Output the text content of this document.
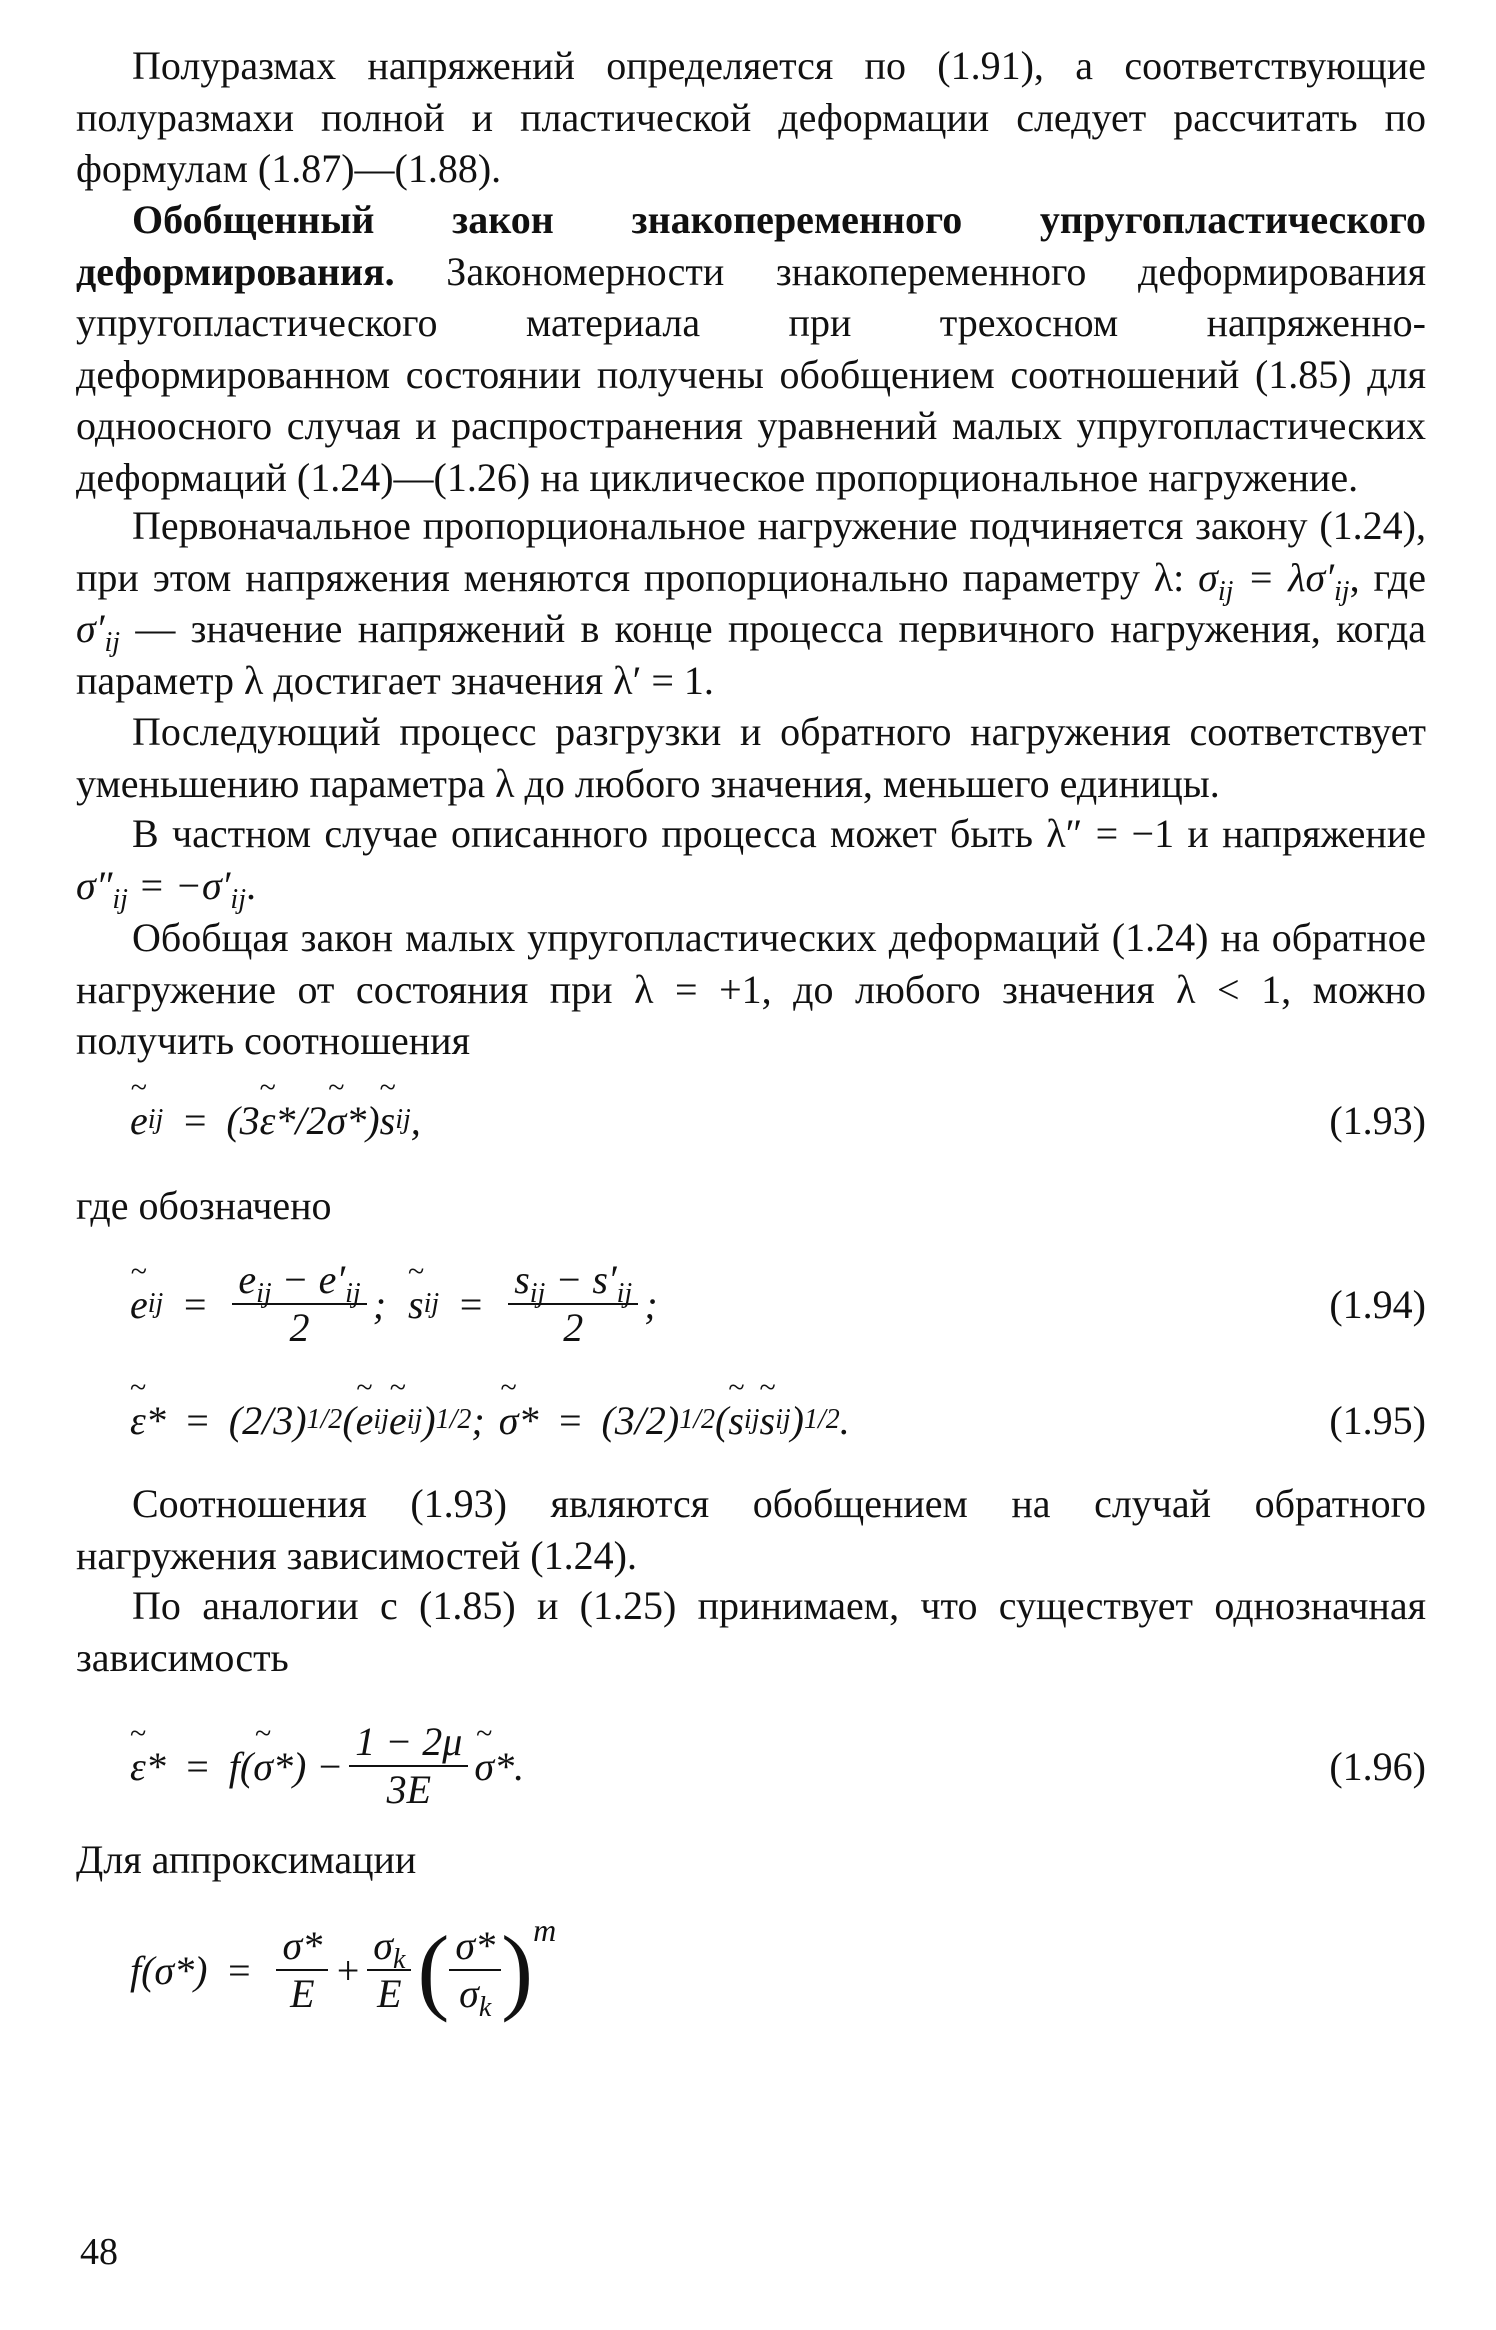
Полуразмах напряжений определяется по (1.91), а соответствующие полуразмахи полной и пластической деформации следует рассчитать по формулам (1.87)—(1.88).

Обобщенный закон знакопеременного упругопластического деформирования. Закономерности знакопеременного деформирования упругопластического материала при трехосном напряженно-деформированном состоянии получены обобщением соотношений (1.85) для одноосного случая и распространения уравнений малых упругопластических деформаций (1.24)—(1.26) на циклическое пропорциональное нагружение.

Первоначальное пропорциональное нагружение подчиняется закону (1.24), при этом напряжения меняются пропорционально параметру λ: $\sigma_{ij} = \lambda\sigma'_{ij}$, где $\sigma'_{ij}$ — значение напряжений в конце процесса первичного нагружения, когда параметр λ достигает значения λ′ = 1.

Последующий процесс разгрузки и обратного нагружения соответствует уменьшению параметра λ до любого значения, меньшего единицы.

В частном случае описанного процесса может быть λ″ = −1 и напряжение $\sigma''_{ij} = -\sigma'_{ij}$.

Обобщая закон малых упругопластических деформаций (1.24) на обратное нагружение от состояния при λ = +1, до любого значения λ < 1, можно получить соотношения

~ e ij = (3 ~ ε */2 ~ σ *) ~ s ij ,	(1.93)

где обозначено

~ e ij = $\frac{e_{ij} - e'_{ij}}{2}$ ; ~ s ij = $\frac{s_{ij} - s'_{ij}}{2}$ ;	(1.94)
~ ε * = (2/3) 1/2 ( ~ e ij ~ e ij ) 1/2 ; ~ σ * = (3/2) 1/2 ( ~ s ij ~ s ij ) 1/2 .	(1.95)

Соотношения (1.93) являются обобщением на случай обратного нагружения зависимостей (1.24).

По аналогии с (1.85) и (1.25) принимаем, что существует однозначная зависимость

~ ε * = f( ~ σ *) − $\frac{1 - 2\mu}{3E}$ ~ σ *.	(1.96)

Для аппроксимации

$f(\sigma*) = \frac{\sigma*}{E} + \frac{\sigma_k}{E}$ ( $\frac{\sigma*}{\sigma_k} )^m$
48
